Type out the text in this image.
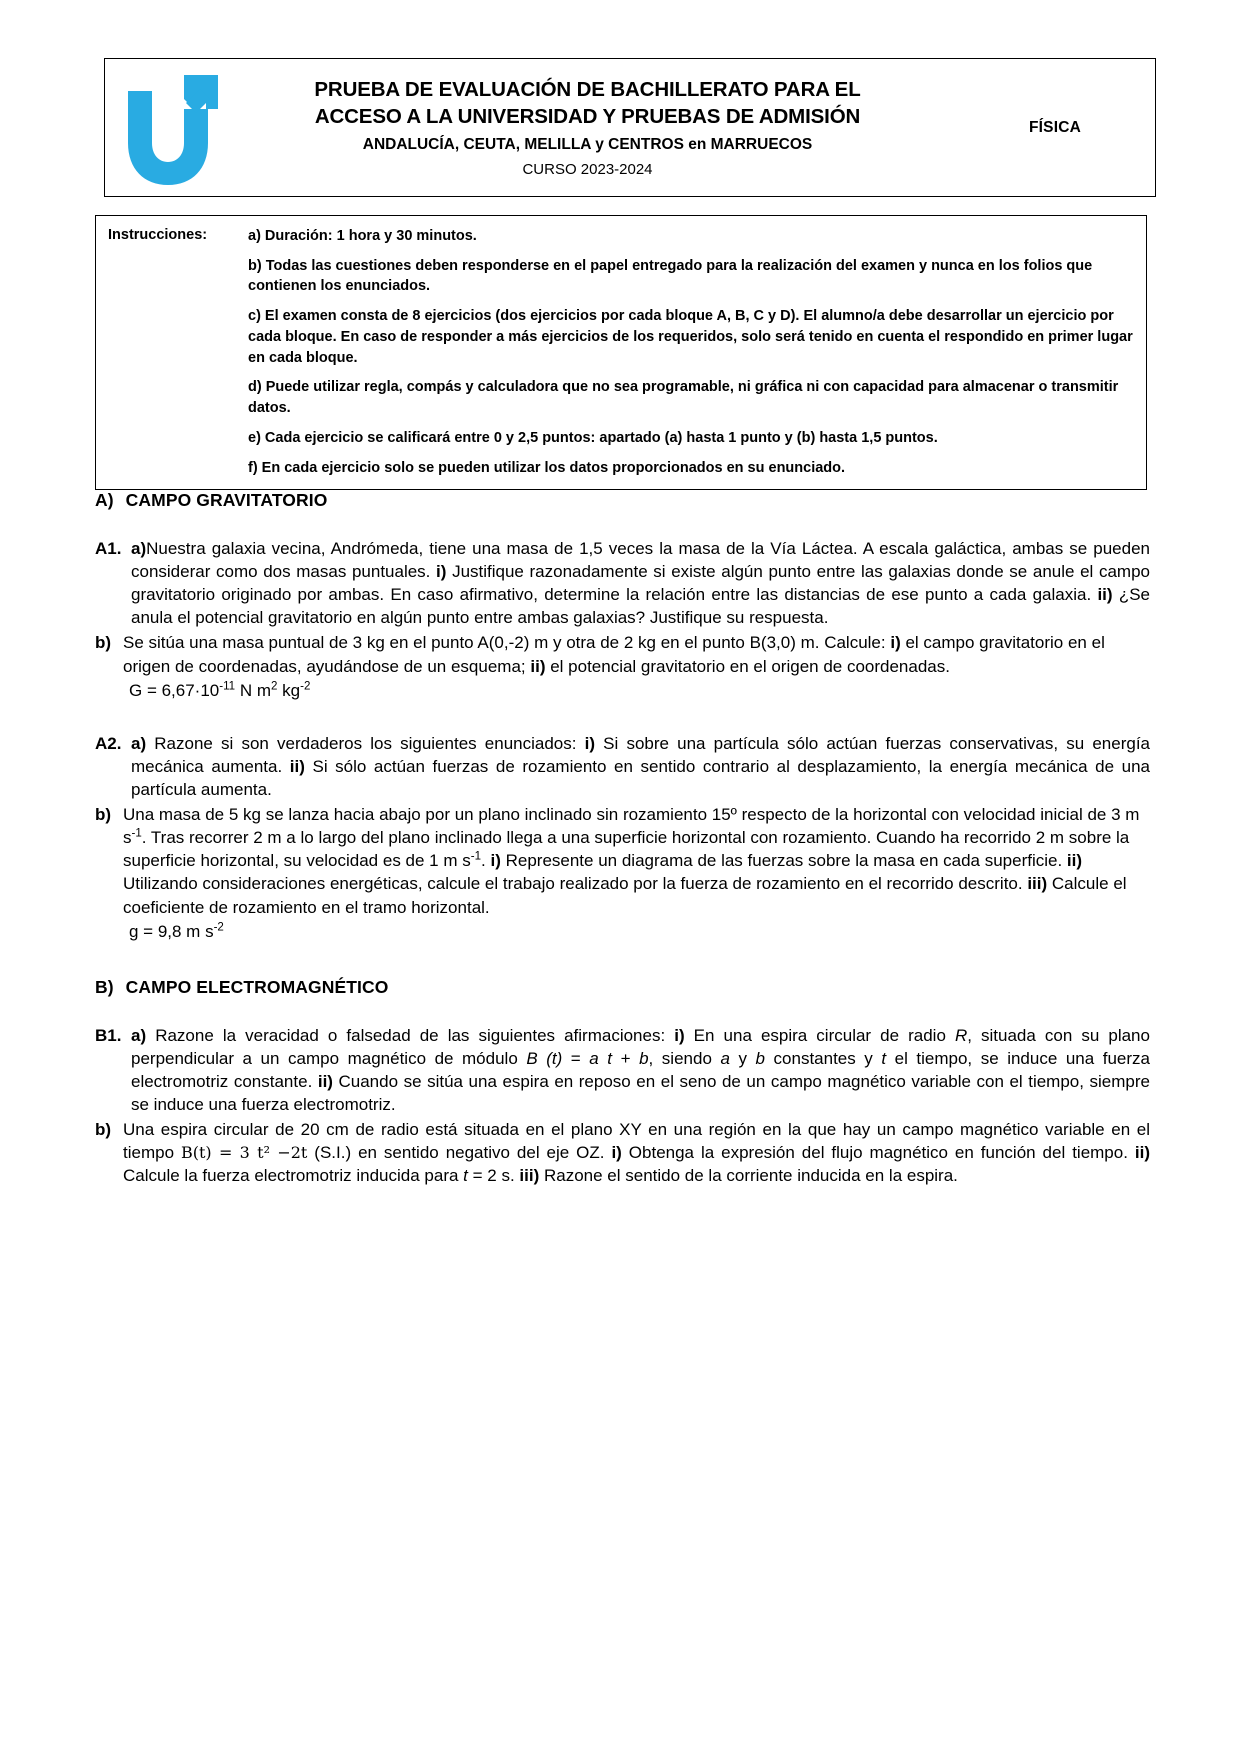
PRUEBA DE EVALUACIÓN DE BACHILLERATO PARA EL
ACCESO A LA UNIVERSIDAD Y PRUEBAS DE ADMISIÓN
ANDALUCÍA, CEUTA, MELILLA y CENTROS en MARRUECOS
CURSO 2023-2024
FÍSICA
Instrucciones:	a) Duración: 1 hora y 30 minutos.
b) Todas las cuestiones deben responderse en el papel entregado para la realización del examen y nunca en los folios que contienen los enunciados.
c) El examen consta de 8 ejercicios (dos ejercicios por cada bloque A, B, C y D). El alumno/a debe desarrollar un ejercicio por cada bloque. En caso de responder a más ejercicios de los requeridos, solo será tenido en cuenta el respondido en primer lugar en cada bloque.
d) Puede utilizar regla, compás y calculadora que no sea programable, ni gráfica ni con capacidad para almacenar o transmitir datos.
e) Cada ejercicio se calificará entre 0 y 2,5 puntos: apartado (a) hasta 1 punto y (b) hasta 1,5 puntos.
f) En cada ejercicio solo se pueden utilizar los datos proporcionados en su enunciado.
A) CAMPO GRAVITATORIO
A1. a)Nuestra galaxia vecina, Andrómeda, tiene una masa de 1,5 veces la masa de la Vía Láctea. A escala galáctica, ambas se pueden considerar como dos masas puntuales. i) Justifique razonadamente si existe algún punto entre las galaxias donde se anule el campo gravitatorio originado por ambas. En caso afirmativo, determine la relación entre las distancias de ese punto a cada galaxia. ii) ¿Se anula el potencial gravitatorio en algún punto entre ambas galaxias? Justifique su respuesta.
b) Se sitúa una masa puntual de 3 kg en el punto A(0,-2) m y otra de 2 kg en el punto B(3,0) m. Calcule: i) el campo gravitatorio en el origen de coordenadas, ayudándose de un esquema; ii) el potencial gravitatorio en el origen de coordenadas.
$G = 6,67\cdot 10^{-11}$ N $m^2$ $kg^{-2}$
A2. a) Razone si son verdaderos los siguientes enunciados: i) Si sobre una partícula sólo actúan fuerzas conservativas, su energía mecánica aumenta. ii) Si sólo actúan fuerzas de rozamiento en sentido contrario al desplazamiento, la energía mecánica de una partícula aumenta.
b) Una masa de 5 kg se lanza hacia abajo por un plano inclinado sin rozamiento 15º respecto de la horizontal con velocidad inicial de 3 m $s^{-1}$. Tras recorrer 2 m a lo largo del plano inclinado llega a una superficie horizontal con rozamiento. Cuando ha recorrido 2 m sobre la superficie horizontal, su velocidad es de 1 m $s^{-1}$. i) Represente un diagrama de las fuerzas sobre la masa en cada superficie. ii) Utilizando consideraciones energéticas, calcule el trabajo realizado por la fuerza de rozamiento en el recorrido descrito. iii) Calcule el coeficiente de rozamiento en el tramo horizontal.
g = 9,8 m $s^{-2}$
B) CAMPO ELECTROMAGNÉTICO
B1. a) Razone la veracidad o falsedad de las siguientes afirmaciones: i) En una espira circular de radio R, situada con su plano perpendicular a un campo magnético de módulo B (t) = a t + b, siendo a y b constantes y t el tiempo, se induce una fuerza electromotriz constante. ii) Cuando se sitúa una espira en reposo en el seno de un campo magnético variable con el tiempo, siempre se induce una fuerza electromotriz.
b) Una espira circular de 20 cm de radio está situada en el plano XY en una región en la que hay un campo magnético variable en el tiempo B(t) = 3 t² −2t (S.I.) en sentido negativo del eje OZ. i) Obtenga la expresión del flujo magnético en función del tiempo. ii) Calcule la fuerza electromotriz inducida para t = 2 s. iii) Razone el sentido de la corriente inducida en la espira.
